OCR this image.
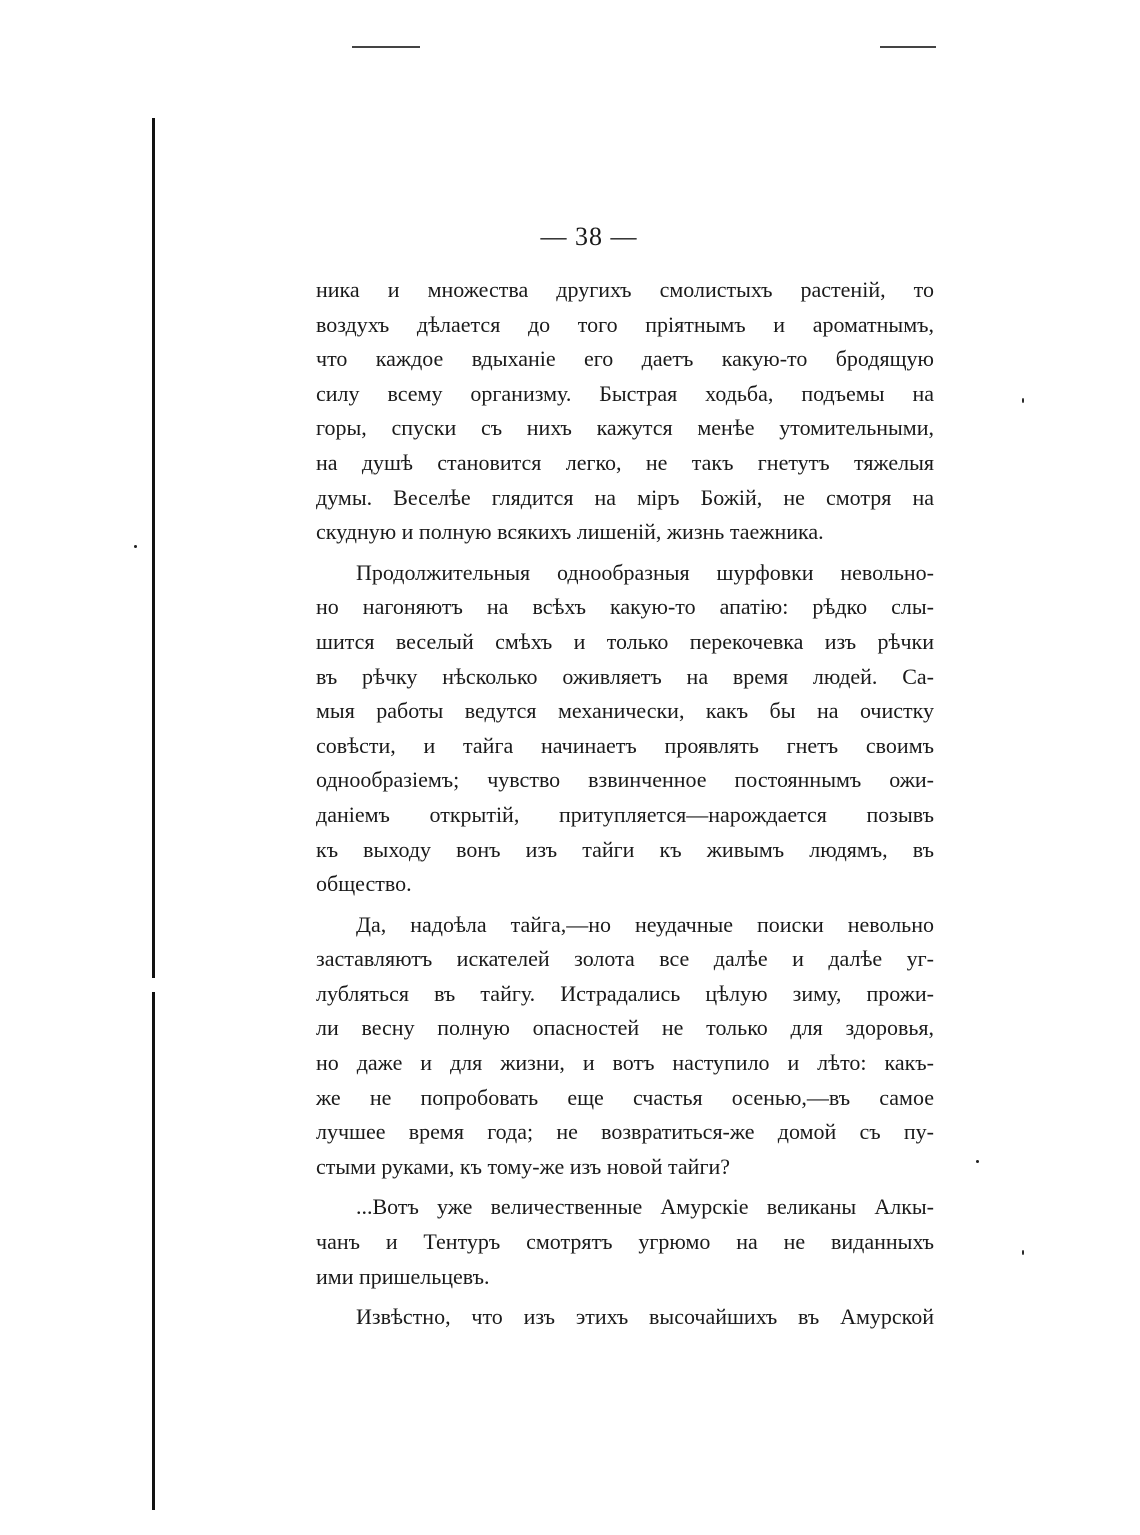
— 38 —
ника и множества другихъ смолистыхъ растеній, то
воздухъ дѣлается до того пріятнымъ и ароматнымъ,
что каждое вдыханіе его даетъ какую-то бродящую
силу всему организму. Быстрая ходьба, подъемы на
горы, спуски съ нихъ кажутся менѣе утомительными,
на душѣ становится легко, не такъ гнетутъ тяжелыя
думы. Веселѣе глядится на міръ Божій, не смотря на
скудную и полную всякихъ лишеній, жизнь таежника.
Продолжительныя однообразныя шурфовки невольно-
но нагоняютъ на всѣхъ какую-то апатію: рѣдко слы-
шится веселый смѣхъ и только перекочевка изъ рѣчки
въ рѣчку нѣсколько оживляетъ на время людей. Са-
мыя работы ведутся механически, какъ бы на очистку
совѣсти, и тайга начинаетъ проявлять гнетъ своимъ
однообразіемъ; чувство взвинченное постояннымъ ожи-
даніемъ открытій, притупляется—нарождается позывъ
къ выходу вонъ изъ тайги къ живымъ людямъ, въ
общество.
Да, надоѣла тайга,—но неудачные поиски невольно
заставляютъ искателей золота все далѣе и далѣе уг-
лубляться въ тайгу. Истрадались цѣлую зиму, прожи-
ли весну полную опасностей не только для здоровья,
но даже и для жизни, и вотъ наступило и лѣто: какъ-
же не попробовать еще счастья осенью,—въ самое
лучшее время года; не возвратиться-же домой съ пу-
стыми руками, къ тому-же изъ новой тайги?
...Вотъ уже величественные Амурскіе великаны Алкы-
чанъ и Тентуръ смотрятъ угрюмо на не виданныхъ
ими пришельцевъ.
Извѣстно, что изъ этихъ высочайшихъ въ Амурской
